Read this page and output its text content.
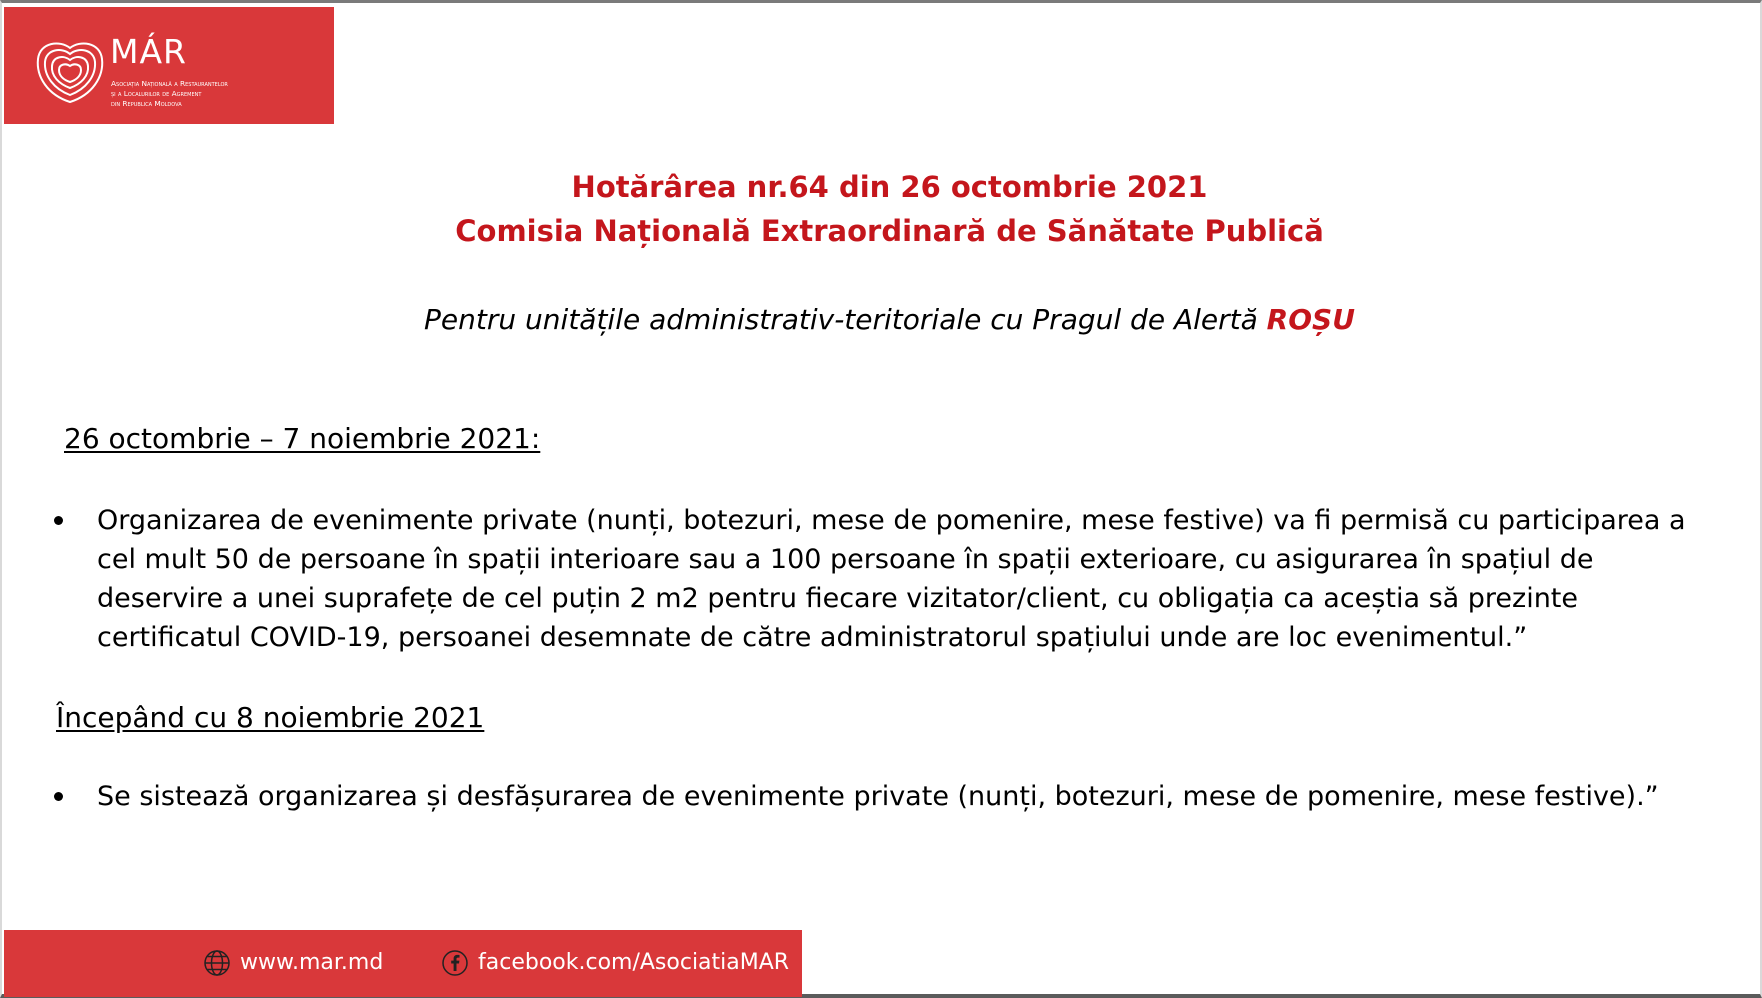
MÁR
Asociația Națională a Restaurantelor
și a Localurilor de Agrement
din Republica Moldova
Hotărârea nr.64 din 26 octombrie 2021
Comisia Națională Extraordinară de Sănătate Publică
Pentru unitățile administrativ-teritoriale cu Pragul de Alertă ROȘU
26 octombrie – 7 noiembrie 2021:
Organizarea de evenimente private (nunți, botezuri, mese de pomenire, mese festive) va fi permisă cu participarea a cel mult 50 de persoane în spații interioare sau a 100 persoane în spații exterioare, cu asigurarea în spațiul de deservire a unei suprafețe de cel puțin 2 m2 pentru fiecare vizitator/client, cu obligația ca aceștia să prezinte certificatul COVID-19, persoanei desemnate de către administratorul spațiului unde are loc evenimentul.”
Începând cu 8 noiembrie 2021
Se sistează organizarea și desfășurarea de evenimente private (nunți, botezuri, mese de pomenire, mese festive).”
www.mar.md	facebook.com/AsociatiaMAR
